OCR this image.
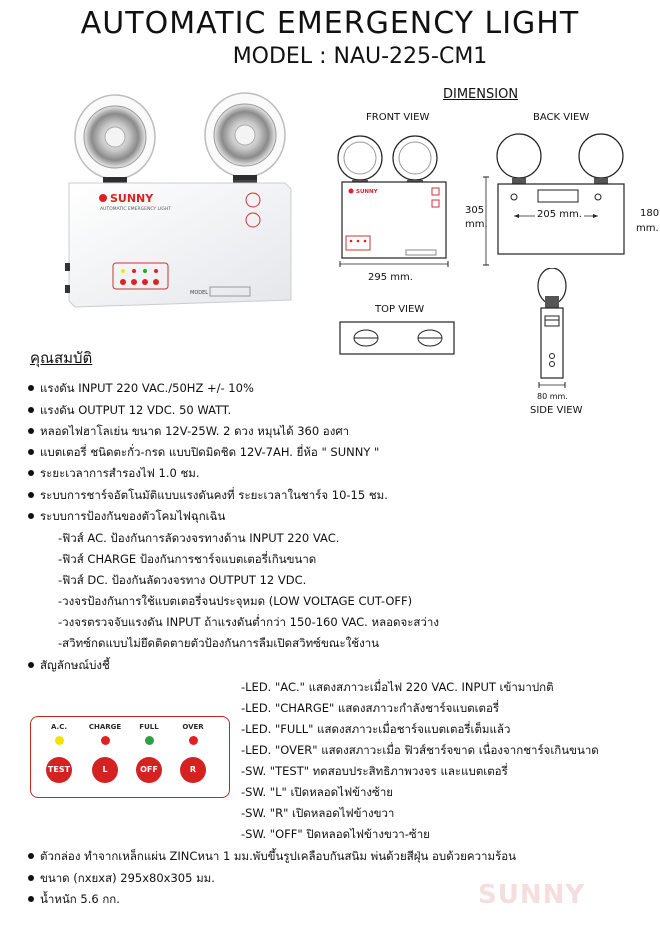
AUTOMATIC EMERGENCY LIGHT
MODEL : NAU-225-CM1
SUNNY
AUTOMATIC EMERGENCY LIGHT
MODEL
DIMENSION
FRONT VIEW	BACK VIEW
SUNNY
295 mm.
305
mm.
205 mm.	180
mm.
TOP VIEW
80 mm.
SIDE VIEW
คุณสมบัติ
แรงดัน INPUT 220 VAC./50HZ +/- 10%
แรงดัน OUTPUT 12 VDC. 50 WATT.
หลอดไฟฮาโลเย่น ขนาด 12V-25W. 2 ดวง หมุนได้ 360 องศา
แบตเตอรี่ ชนิดตะกั่ว-กรด แบบปิดมิดชิด 12V-7AH. ยี่ห้อ " SUNNY "
ระยะเวลาการสำรองไฟ 1.0 ชม.
ระบบการชาร์จอัตโนมัติแบบแรงดันคงที่ ระยะเวลาในชาร์จ 10-15 ชม.
ระบบการป้องกันของตัวโคมไฟฉุกเฉิน
-ฟิวส์ AC. ป้องกันการลัดวงจรทางด้าน INPUT 220 VAC.
-ฟิวส์ CHARGE ป้องกันการชาร์จแบตเตอรี่เกินขนาด
-ฟิวส์ DC. ป้องกันลัดวงจรทาง OUTPUT 12 VDC.
-วงจรป้องกันการใช้แบตเตอรี่จนประจุหมด (LOW VOLTAGE CUT-OFF)
-วงจรตรวจจับแรงดัน INPUT ถ้าแรงดันต่ำกว่า 150-160 VAC. หลอดจะสว่าง
-สวิทซ์กดแบบไม่ยึดติดตายตัวป้องกันการลืมเปิดสวิทซ์ขณะใช้งาน
สัญลักษณ์บ่งชี้
-LED. "AC." แสดงสภาวะเมื่อไฟ 220 VAC. INPUT เข้ามาปกติ
-LED. "CHARGE" แสดงสภาวะกำลังชาร์จแบตเตอรี่
-LED. "FULL" แสดงสภาวะเมื่อชาร์จแบตเตอรี่เต็มแล้ว
-LED. "OVER" แสดงสภาวะเมื่อ ฟิวส์ชาร์จขาด เนื่องจากชาร์จเกินขนาด
-SW. "TEST" ทดสอบประสิทธิภาพวงจร และแบตเตอรี่
-SW. "L" เปิดหลอดไฟข้างซ้าย
-SW. "R" เปิดหลอดไฟข้างขวา
-SW. "OFF" ปิดหลอดไฟข้างขวา-ซ้าย
A.C.	CHARGE	FULL	OVER
TEST	L	OFF	R
ตัวกล่อง ทำจากเหล็กแผ่น ZINCหนา 1 มม.พับขึ้นรูปเคลือบกันสนิม พ่นด้วยสีฝุ่น อบด้วยความร้อน
ขนาด (กxยxส) 295x80x305 มม.
น้ำหนัก 5.6 กก.	SUNNY
